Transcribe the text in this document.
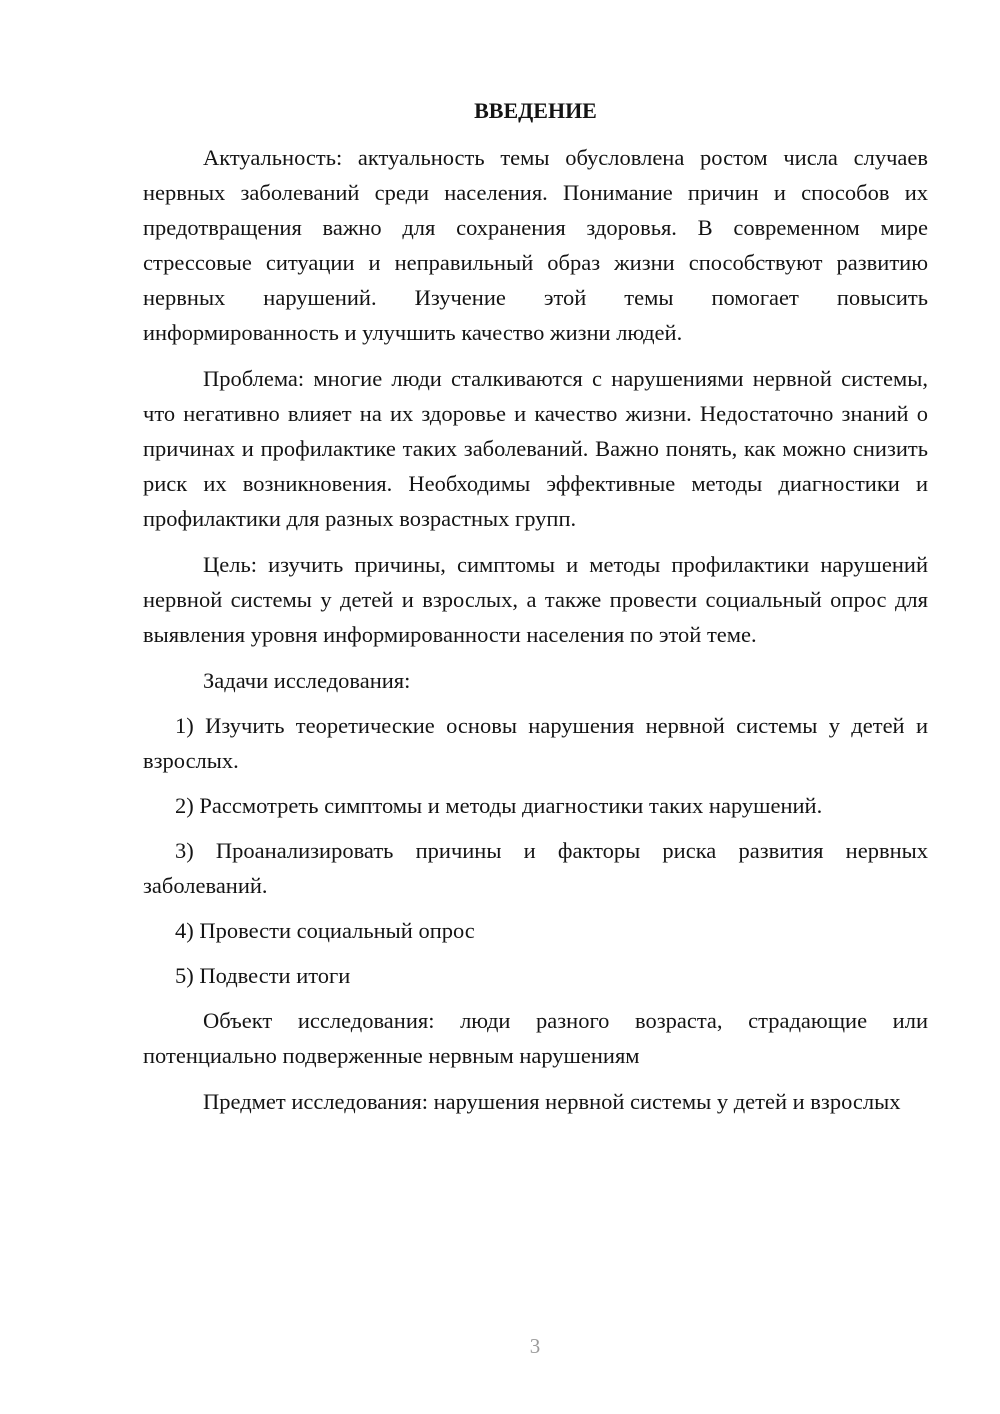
ВВЕДЕНИЕ

Актуальность: актуальность темы обусловлена ростом числа случаев нервных заболеваний среди населения. Понимание причин и способов их предотвращения важно для сохранения здоровья. В современном мире стрессовые ситуации и неправильный образ жизни способствуют развитию нервных нарушений. Изучение этой темы помогает повысить информированность и улучшить качество жизни людей.

Проблема: многие люди сталкиваются с нарушениями нервной системы, что негативно влияет на их здоровье и качество жизни. Недостаточно знаний о причинах и профилактике таких заболеваний. Важно понять, как можно снизить риск их возникновения. Необходимы эффективные методы диагностики и профилактики для разных возрастных групп.

Цель: изучить причины, симптомы и методы профилактики нарушений нервной системы у детей и взрослых, а также провести социальный опрос для выявления уровня информированности населения по этой теме.

Задачи исследования:

1) Изучить теоретические основы нарушения нервной системы у детей и взрослых.

2) Рассмотреть симптомы и методы диагностики таких нарушений.

3) Проанализировать причины и факторы риска развития нервных заболеваний.

4) Провести социальный опрос

5) Подвести итоги

Объект исследования: люди разного возраста, страдающие или потенциально подверженные нервным нарушениям

Предмет исследования: нарушения нервной системы у детей и взрослых

3
